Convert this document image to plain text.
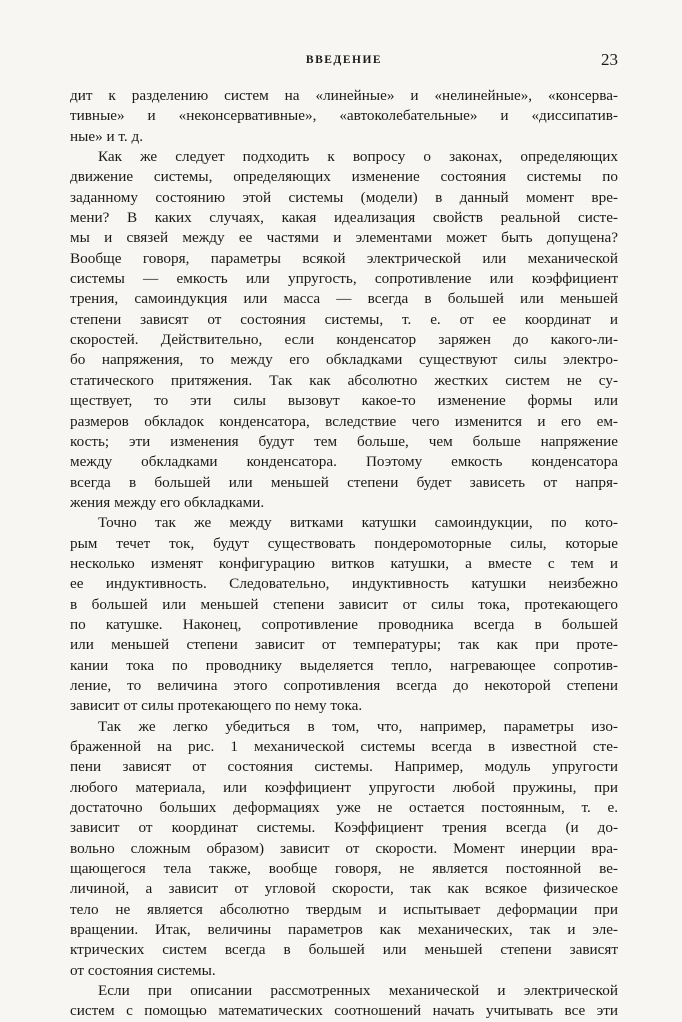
ВВЕДЕНИЕ	23
дит к разделению систем на «линейные» и «нелинейные», «консерва-
тивные» и «неконсервативные», «автоколебательные» и «диссипатив-
ные» и т. д.
Как же следует подходить к вопросу о законах, определяющих
движение системы, определяющих изменение состояния системы по
заданному состоянию этой системы (модели) в данный момент вре-
мени? В каких случаях, какая идеализация свойств реальной систе-
мы и связей между ее частями и элементами может быть допущена?
Вообще говоря, параметры всякой электрической или механической
системы — емкость или упругость, сопротивление или коэффициент
трения, самоиндукция или масса — всегда в большей или меньшей
степени зависят от состояния системы, т. е. от ее координат и
скоростей. Действительно, если конденсатор заряжен до какого-ли-
бо напряжения, то между его обкладками существуют силы электро-
статического притяжения. Так как абсолютно жестких систем не су-
ществует, то эти силы вызовут какое-то изменение формы или
размеров обкладок конденсатора, вследствие чего изменится и его ем-
кость; эти изменения будут тем больше, чем больше напряжение
между обкладками конденсатора. Поэтому емкость конденсатора
всегда в большей или меньшей степени будет зависеть от напря-
жения между его обкладками.
Точно так же между витками катушки самоиндукции, по кото-
рым течет ток, будут существовать пондеромоторные силы, которые
несколько изменят конфигурацию витков катушки, а вместе с тем и
ее индуктивность. Следовательно, индуктивность катушки неизбежно
в большей или меньшей степени зависит от силы тока, протекающего
по катушке. Наконец, сопротивление проводника всегда в большей
или меньшей степени зависит от температуры; так как при проте-
кании тока по проводнику выделяется тепло, нагревающее сопротив-
ление, то величина этого сопротивления всегда до некоторой степени
зависит от силы протекающего по нему тока.
Так же легко убедиться в том, что, например, параметры изо-
браженной на рис. 1 механической системы всегда в известной сте-
пени зависят от состояния системы. Например, модуль упругости
любого материала, или коэффициент упругости любой пружины, при
достаточно больших деформациях уже не остается постоянным, т. е.
зависит от координат системы. Коэффициент трения всегда (и до-
вольно сложным образом) зависит от скорости. Момент инерции вра-
щающегося тела также, вообще говоря, не является постоянной ве-
личиной, а зависит от угловой скорости, так как всякое физическое
тело не является абсолютно твердым и испытывает деформации при
вращении. Итак, величины параметров как механических, так и эле-
ктрических систем всегда в большей или меньшей степени зависят
от состояния системы.
Если при описании рассмотренных механической и электрической
систем с помощью математических соотношений начать учитывать все эти
